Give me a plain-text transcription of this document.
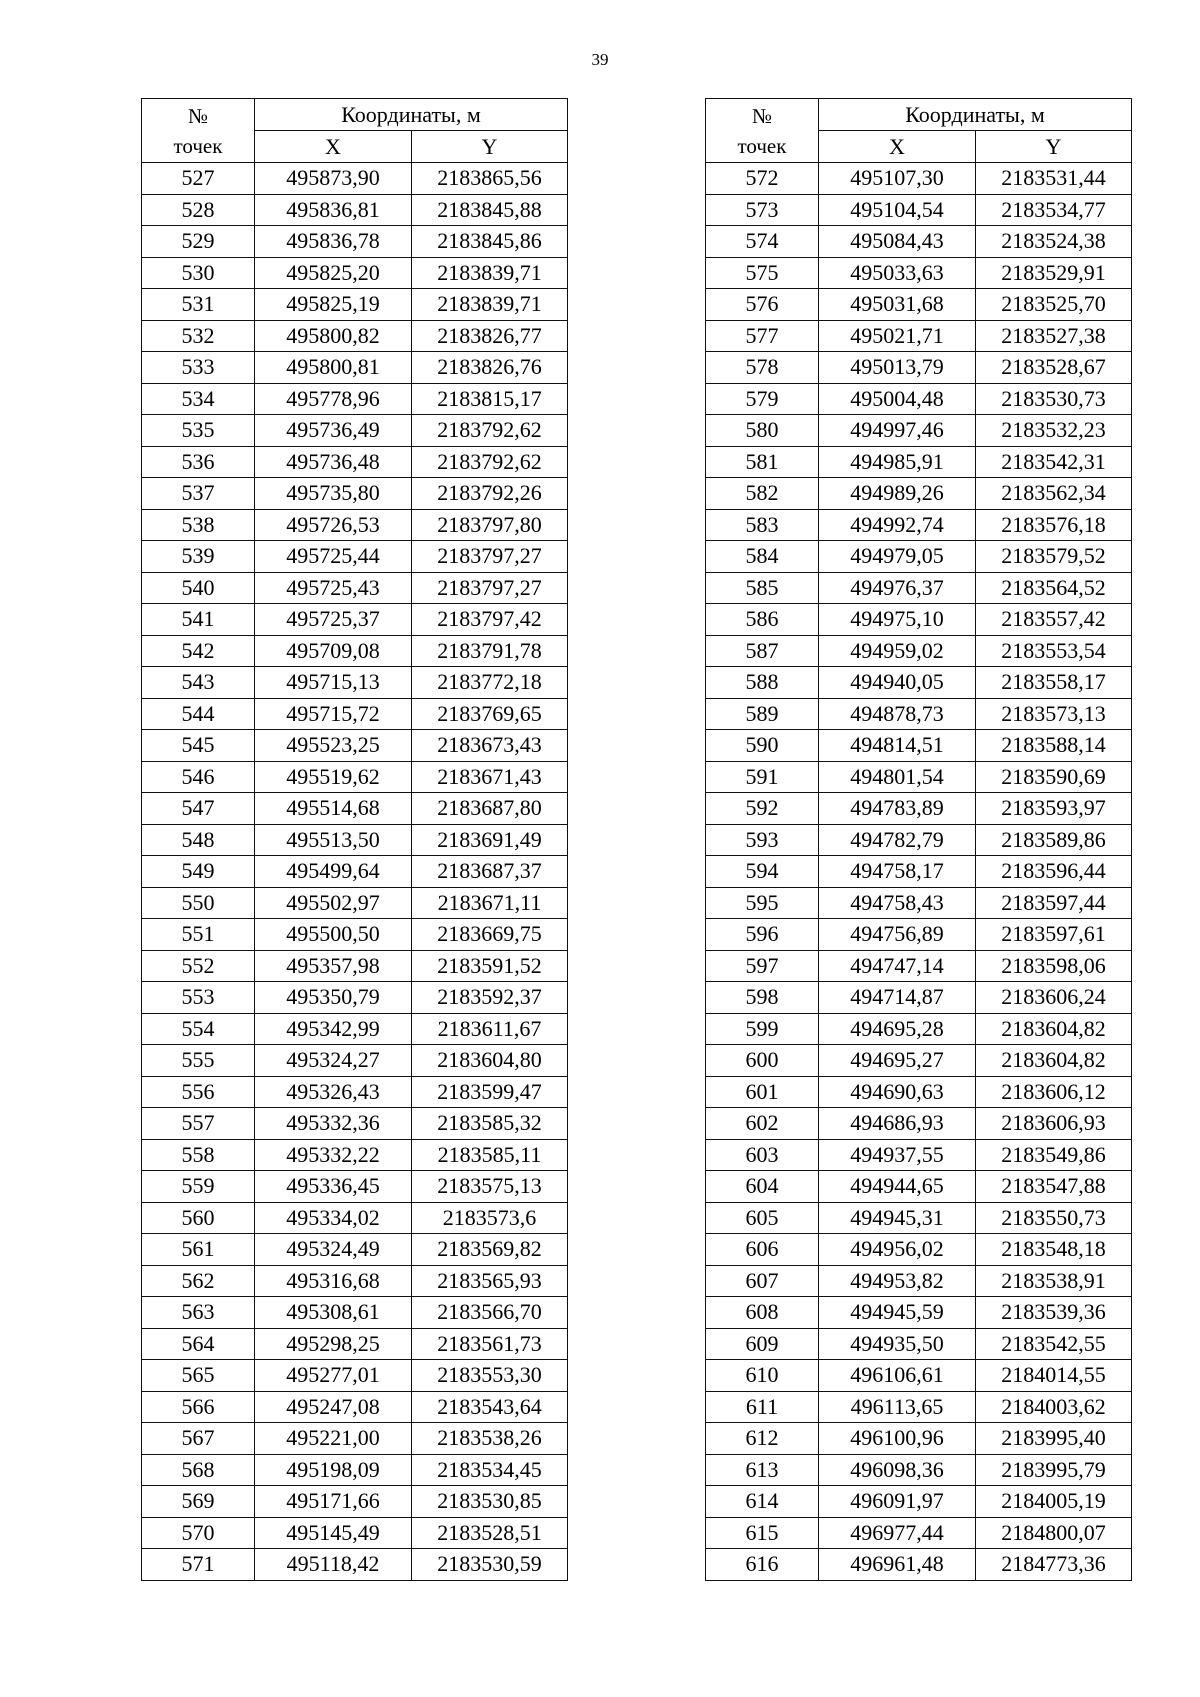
39
№
точек	Координаты, м	
	X	Y
527	495873,90	2183865,56
528	495836,81	2183845,88
529	495836,78	2183845,86
530	495825,20	2183839,71
531	495825,19	2183839,71
532	495800,82	2183826,77
533	495800,81	2183826,76
534	495778,96	2183815,17
535	495736,49	2183792,62
536	495736,48	2183792,62
537	495735,80	2183792,26
538	495726,53	2183797,80
539	495725,44	2183797,27
540	495725,43	2183797,27
541	495725,37	2183797,42
542	495709,08	2183791,78
543	495715,13	2183772,18
544	495715,72	2183769,65
545	495523,25	2183673,43
546	495519,62	2183671,43
547	495514,68	2183687,80
548	495513,50	2183691,49
549	495499,64	2183687,37
550	495502,97	2183671,11
551	495500,50	2183669,75
552	495357,98	2183591,52
553	495350,79	2183592,37
554	495342,99	2183611,67
555	495324,27	2183604,80
556	495326,43	2183599,47
557	495332,36	2183585,32
558	495332,22	2183585,11
559	495336,45	2183575,13
560	495334,02	2183573,6
561	495324,49	2183569,82
562	495316,68	2183565,93
563	495308,61	2183566,70
564	495298,25	2183561,73
565	495277,01	2183553,30
566	495247,08	2183543,64
567	495221,00	2183538,26
568	495198,09	2183534,45
569	495171,66	2183530,85
570	495145,49	2183528,51
571	495118,42	2183530,59
№
точек	Координаты, м	
	X	Y
572	495107,30	2183531,44
573	495104,54	2183534,77
574	495084,43	2183524,38
575	495033,63	2183529,91
576	495031,68	2183525,70
577	495021,71	2183527,38
578	495013,79	2183528,67
579	495004,48	2183530,73
580	494997,46	2183532,23
581	494985,91	2183542,31
582	494989,26	2183562,34
583	494992,74	2183576,18
584	494979,05	2183579,52
585	494976,37	2183564,52
586	494975,10	2183557,42
587	494959,02	2183553,54
588	494940,05	2183558,17
589	494878,73	2183573,13
590	494814,51	2183588,14
591	494801,54	2183590,69
592	494783,89	2183593,97
593	494782,79	2183589,86
594	494758,17	2183596,44
595	494758,43	2183597,44
596	494756,89	2183597,61
597	494747,14	2183598,06
598	494714,87	2183606,24
599	494695,28	2183604,82
600	494695,27	2183604,82
601	494690,63	2183606,12
602	494686,93	2183606,93
603	494937,55	2183549,86
604	494944,65	2183547,88
605	494945,31	2183550,73
606	494956,02	2183548,18
607	494953,82	2183538,91
608	494945,59	2183539,36
609	494935,50	2183542,55
610	496106,61	2184014,55
611	496113,65	2184003,62
612	496100,96	2183995,40
613	496098,36	2183995,79
614	496091,97	2184005,19
615	496977,44	2184800,07
616	496961,48	2184773,36
